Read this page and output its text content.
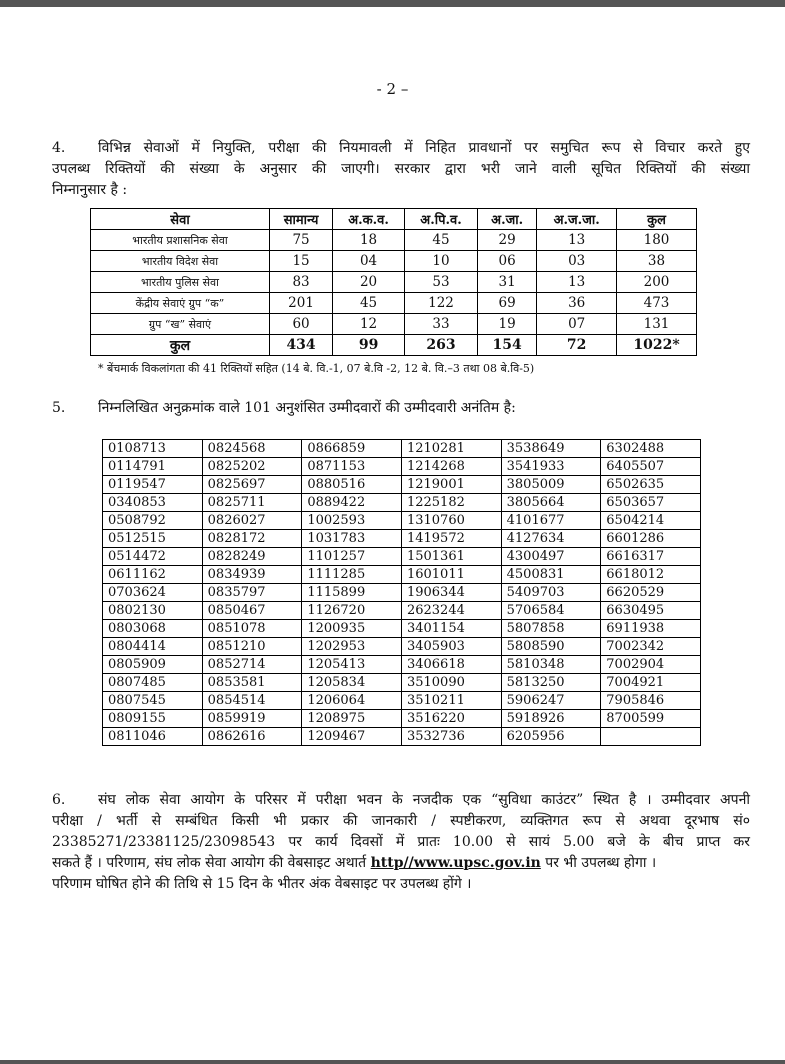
- 2 –
4. विभिन्न सेवाओं में नियुक्ति, परीक्षा की नियमावली में निहित प्रावधानों पर समुचित रूप से विचार करते हुए
उपलब्ध रिक्तियों की संख्या के अनुसार की जाएगी। सरकार द्वारा भरी जाने वाली सूचित रिक्तियों की संख्या
निम्नानुसार है :
सेवा	सामान्य	अ.क.व.	अ.पि.व.	अ.जा.	अ.ज.जा.	कुल
भारतीय प्रशासनिक सेवा	75	18	45	29	13	180
भारतीय विदेश सेवा	15	04	10	06	03	38
भारतीय पुलिस सेवा	83	20	53	31	13	200
केंद्रीय सेवाएं ग्रुप “क”	201	45	122	69	36	473
ग्रुप “ख” सेवाएं	60	12	33	19	07	131
कुल	434	99	263	154	72	1022*
* बेंचमार्क विकलांगता की 41 रिक्तियों सहित (14 बे. वि.-1, 07 बे.वि -2, 12 बे. वि.–3 तथा 08 बे.वि-5)
5. निम्नलिखित अनुक्रमांक वाले 101 अनुशंसित उम्मीदवारों की उम्मीदवारी अनंतिम है:
0108713	0824568	0866859	1210281	3538649	6302488
0114791	0825202	0871153	1214268	3541933	6405507
0119547	0825697	0880516	1219001	3805009	6502635
0340853	0825711	0889422	1225182	3805664	6503657
0508792	0826027	1002593	1310760	4101677	6504214
0512515	0828172	1031783	1419572	4127634	6601286
0514472	0828249	1101257	1501361	4300497	6616317
0611162	0834939	1111285	1601011	4500831	6618012
0703624	0835797	1115899	1906344	5409703	6620529
0802130	0850467	1126720	2623244	5706584	6630495
0803068	0851078	1200935	3401154	5807858	6911938
0804414	0851210	1202953	3405903	5808590	7002342
0805909	0852714	1205413	3406618	5810348	7002904
0807485	0853581	1205834	3510090	5813250	7004921
0807545	0854514	1206064	3510211	5906247	7905846
0809155	0859919	1208975	3516220	5918926	8700599
0811046	0862616	1209467	3532736	6205956	
6. संघ लोक सेवा आयोग के परिसर में परीक्षा भवन के नजदीक एक “सुविधा काउंटर” स्थित है । उम्मीदवार अपनी
परीक्षा / भर्ती से सम्बंधित किसी भी प्रकार की जानकारी / स्पष्टीकरण, व्यक्तिगत रूप से अथवा दूरभाष सं०
23385271/23381125/23098543 पर कार्य दिवसों में प्रातः 10.00 से सायं 5.00 बजे के बीच प्राप्त कर
सकते हैं । परिणाम, संघ लोक सेवा आयोग की वेबसाइट अथार्त http//www.upsc.gov.in पर भी उपलब्ध होगा ।
परिणाम घोषित होने की तिथि से 15 दिन के भीतर अंक वेबसाइट पर उपलब्ध होंगे ।
